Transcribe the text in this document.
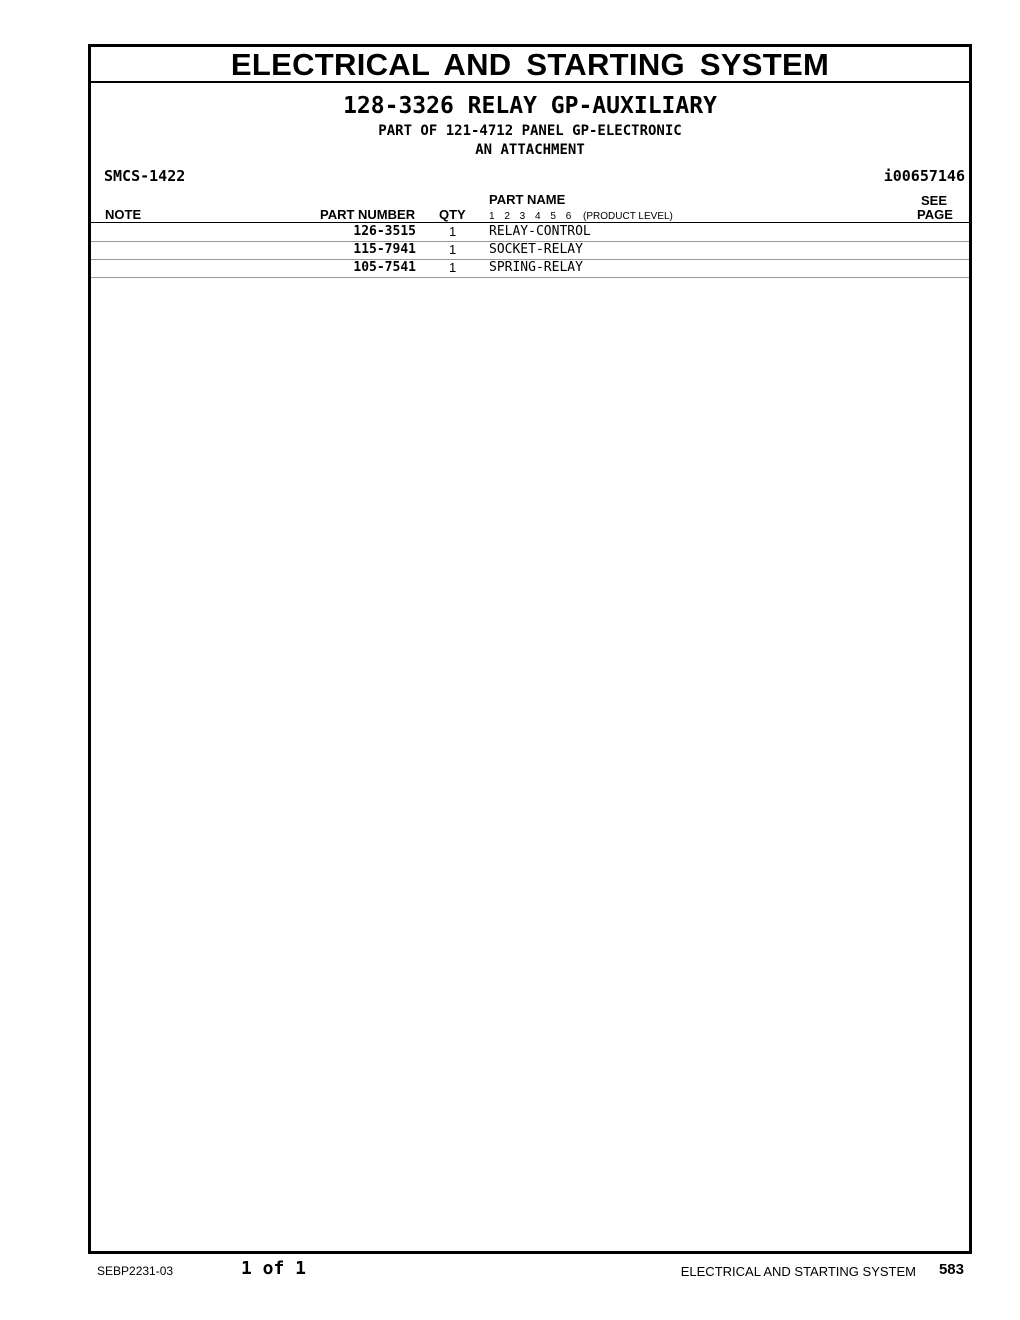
ELECTRICAL AND STARTING SYSTEM
128-3326 RELAY GP-AUXILIARY
PART OF 121-4712 PANEL GP-ELECTRONIC
AN ATTACHMENT
SMCS-1422	i00657146
NOTE	PART NUMBER QTY
PART NAME
1 2 3 4 5 6 (PRODUCT LEVEL)
SEE
PAGE
126-3515	1	RELAY-CONTROL
115-7941	1	SOCKET-RELAY
105-7541	1	SPRING-RELAY
SEBP2231-03	1 of 1	ELECTRICAL AND STARTING SYSTEM 583
